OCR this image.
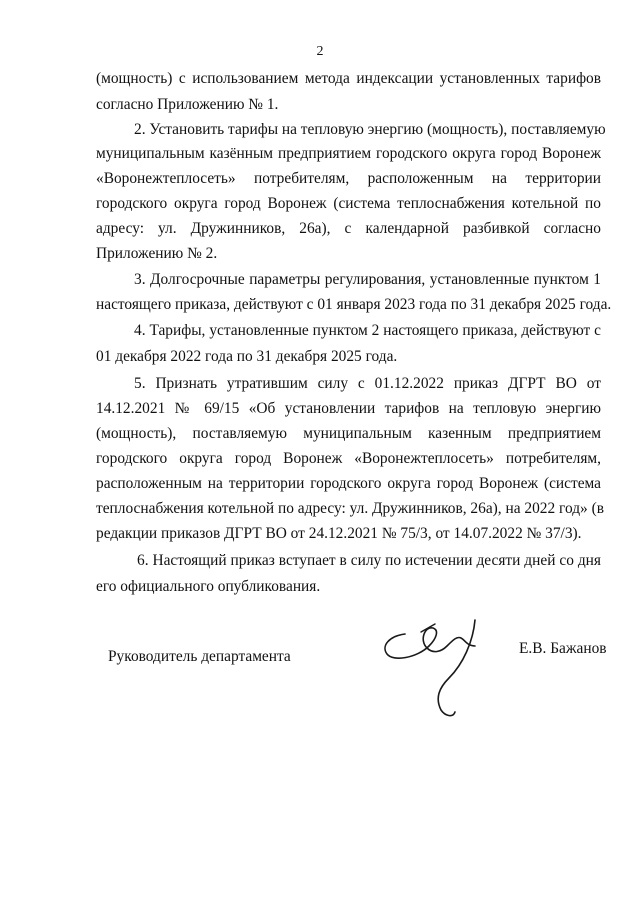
2
(мощность) с использованием метода индексации установленных тарифов
согласно Приложению № 1.
2. Установить тарифы на тепловую энергию (мощность), поставляемую
муниципальным казённым предприятием городского округа город Воронеж
«Воронежтеплосеть» потребителям, расположенным на территории
городского округа город Воронеж (система теплоснабжения котельной по
адресу: ул. Дружинников, 26а), с календарной разбивкой согласно
Приложению № 2.
3. Долгосрочные параметры регулирования, установленные пунктом 1
настоящего приказа, действуют с 01 января 2023 года по 31 декабря 2025 года.
4. Тарифы, установленные пунктом 2 настоящего приказа, действуют с
01 декабря 2022 года по 31 декабря 2025 года.
5. Признать утратившим силу с 01.12.2022 приказ ДГРТ ВО от
14.12.2021 № 69/15 «Об установлении тарифов на тепловую энергию
(мощность), поставляемую муниципальным казенным предприятием
городского округа город Воронеж «Воронежтеплосеть» потребителям,
расположенным на территории городского округа город Воронеж (система
теплоснабжения котельной по адресу: ул. Дружинников, 26а), на 2022 год» (в
редакции приказов ДГРТ ВО от 24.12.2021 № 75/3, от 14.07.2022 № 37/3).
6. Настоящий приказ вступает в силу по истечении десяти дней со дня
его официального опубликования.
Руководитель департамента	Е.В. Бажанов
